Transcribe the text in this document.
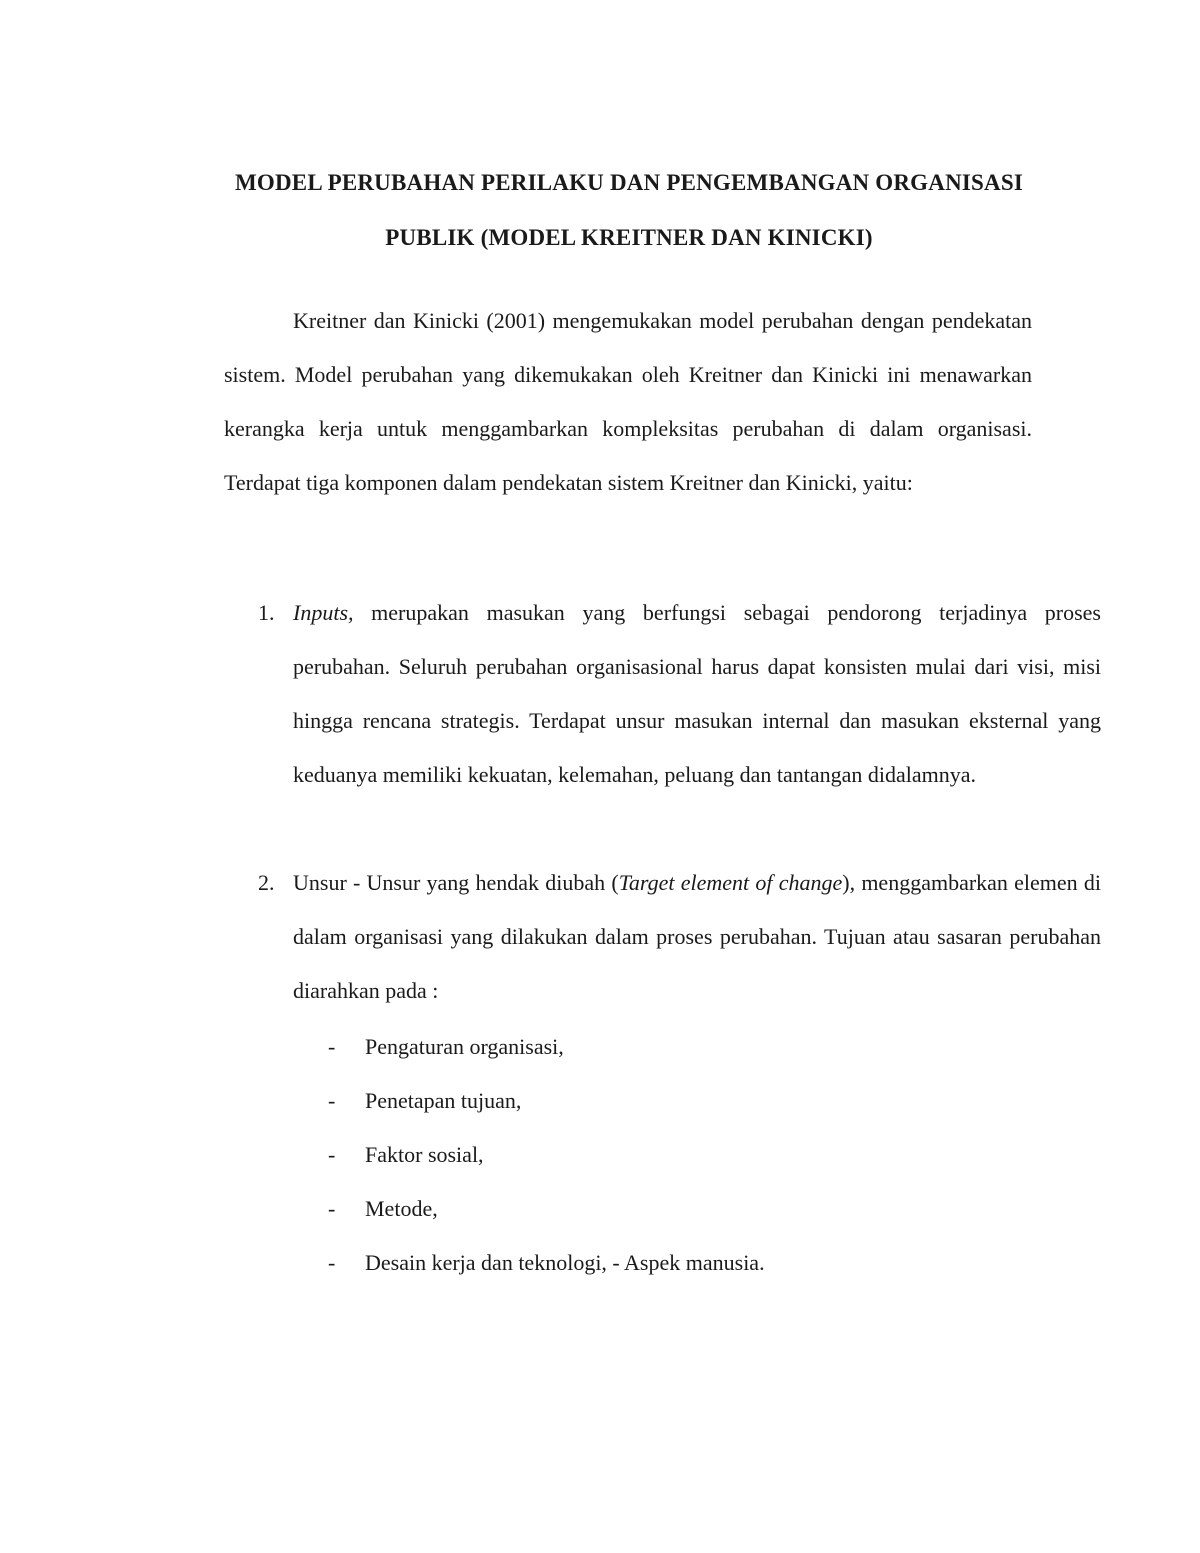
MODEL PERUBAHAN PERILAKU DAN PENGEMBANGAN ORGANISASI
PUBLIK (MODEL KREITNER DAN KINICKI)
Kreitner dan Kinicki (2001) mengemukakan model perubahan dengan pendekatan sistem. Model perubahan yang dikemukakan oleh Kreitner dan Kinicki ini menawarkan kerangka kerja untuk menggambarkan kompleksitas perubahan di dalam organisasi. Terdapat tiga komponen dalam pendekatan sistem Kreitner dan Kinicki, yaitu:
1. Inputs, merupakan masukan yang berfungsi sebagai pendorong terjadinya proses perubahan. Seluruh perubahan organisasional harus dapat konsisten mulai dari visi, misi hingga rencana strategis. Terdapat unsur masukan internal dan masukan eksternal yang keduanya memiliki kekuatan, kelemahan, peluang dan tantangan didalamnya.
2. Unsur - Unsur yang hendak diubah (Target element of change), menggambarkan elemen di dalam organisasi yang dilakukan dalam proses perubahan. Tujuan atau sasaran perubahan diarahkan pada :
- Pengaturan organisasi,
- Penetapan tujuan,
- Faktor sosial,
- Metode,
- Desain kerja dan teknologi, - Aspek manusia.
